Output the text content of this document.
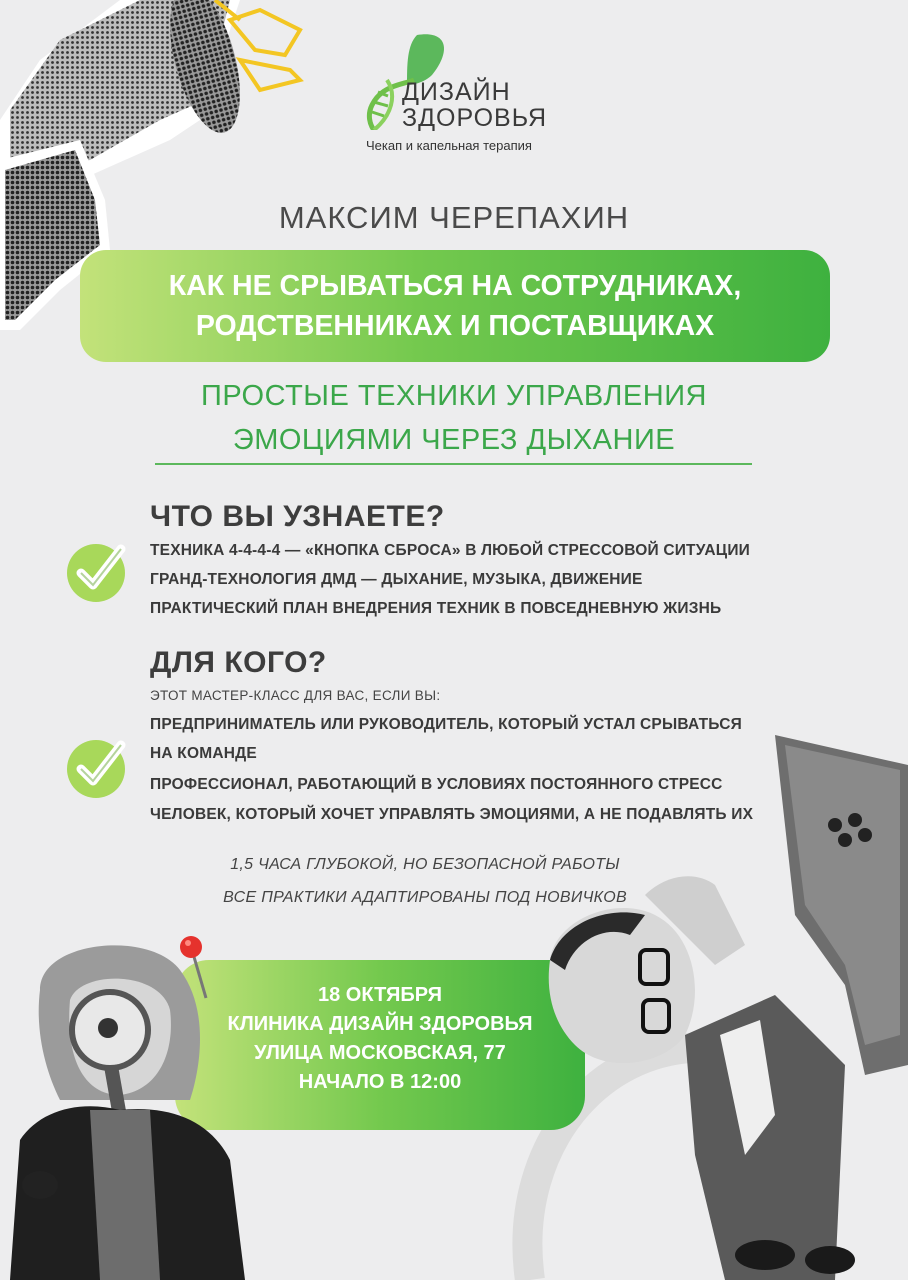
ДИЗАЙН
ЗДОРОВЬЯ
Чекап и капельная терапия
МАКСИМ ЧЕРЕПАХИН
КАК НЕ СРЫВАТЬСЯ НА СОТРУДНИКАХ,
РОДСТВЕННИКАХ И ПОСТАВЩИКАХ
ПРОСТЫЕ ТЕХНИКИ УПРАВЛЕНИЯ
ЭМОЦИЯМИ ЧЕРЕЗ ДЫХАНИЕ
ЧТО ВЫ УЗНАЕТЕ?
ТЕХНИКА 4-4-4-4 — «КНОПКА СБРОСА» В ЛЮБОЙ СТРЕССОВОЙ СИТУАЦИИ
ГРАНД-ТЕХНОЛОГИЯ ДМД — ДЫХАНИЕ, МУЗЫКА, ДВИЖЕНИЕ
ПРАКТИЧЕСКИЙ ПЛАН ВНЕДРЕНИЯ ТЕХНИК В ПОВСЕДНЕВНУЮ ЖИЗНЬ
ДЛЯ КОГО?
ЭТОТ МАСТЕР-КЛАСС ДЛЯ ВАС, ЕСЛИ ВЫ:
ПРЕДПРИНИМАТЕЛЬ ИЛИ РУКОВОДИТЕЛЬ, КОТОРЫЙ УСТАЛ СРЫВАТЬСЯ
НА КОМАНДЕ
ПРОФЕССИОНАЛ, РАБОТАЮЩИЙ В УСЛОВИЯХ ПОСТОЯННОГО СТРЕСС
ЧЕЛОВЕК, КОТОРЫЙ ХОЧЕТ УПРАВЛЯТЬ ЭМОЦИЯМИ, А НЕ ПОДАВЛЯТЬ ИХ
1,5 ЧАСА ГЛУБОКОЙ, НО БЕЗОПАСНОЙ РАБОТЫ
ВСЕ ПРАКТИКИ АДАПТИРОВАНЫ ПОД НОВИЧКОВ
18 ОКТЯБРЯ
КЛИНИКА ДИЗАЙН ЗДОРОВЬЯ
УЛИЦА МОСКОВСКАЯ, 77
НАЧАЛО В 12:00
